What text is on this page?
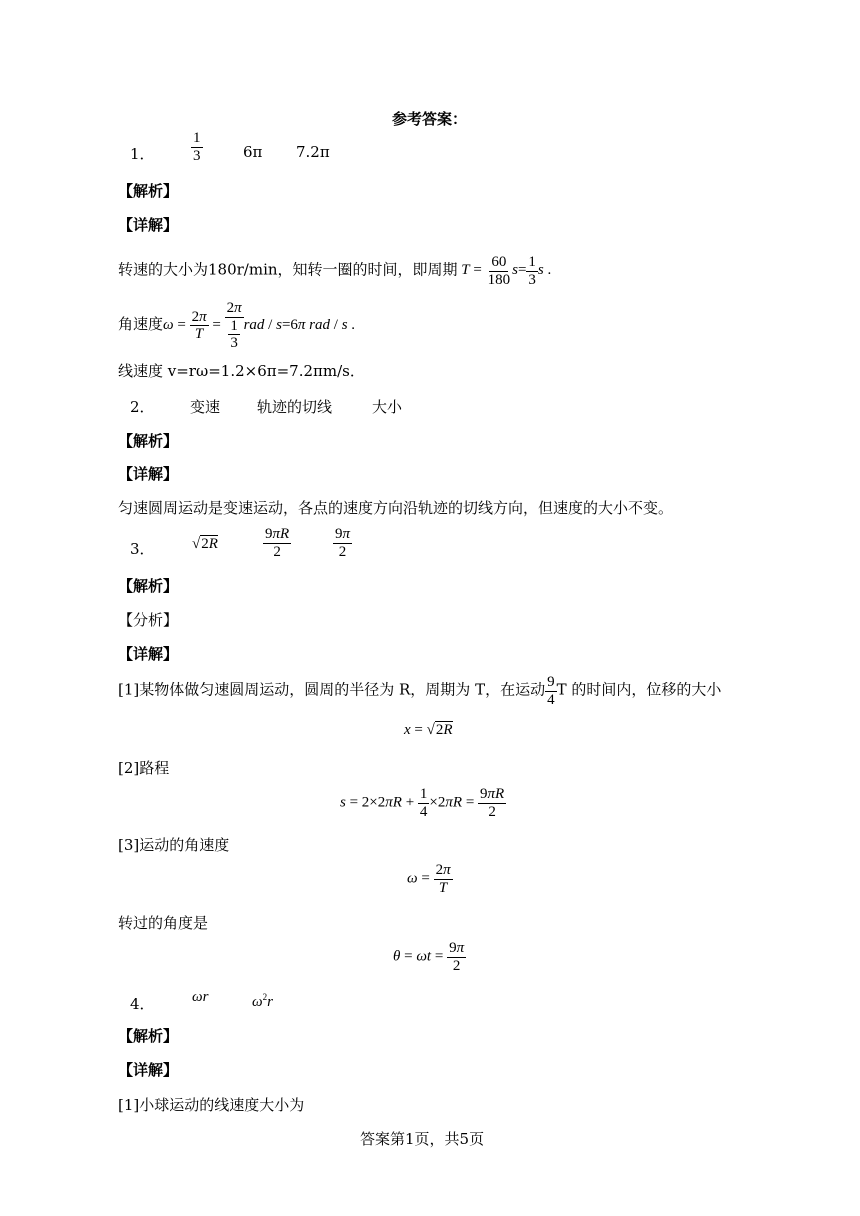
参考答案：
1． $\frac{1}{3}$	6π 7.2π
【解析】
【详解】
转速的大小为180r/min，知转一圈的时间，即周期 $T = \frac{60}{180} s= \frac{1}{3}$ s .
角速度$\omega = \frac{2\pi}{T} = \frac{2\pi}{\frac{1}{3}}$ rad / s=6π rad / s .
线速度 v=rω=1.2×6π=7.2πm/s．
2． 变速 轨迹的切线	大小
【解析】
【详解】
匀速圆周运动是变速运动，各点的速度方向沿轨迹的切线方向，但速度的大小不变。
3． √2R	$\frac{9\pi R}{2}$	$\frac{9\pi}{2}$
【解析】
【分析】
【详解】
[1]某物体做匀速圆周运动，圆周的半径为 R，周期为 T，在运动 $\frac{9}{4}$ T 的时间内，位移的大小
x = √2R
[2]路程
$s = 2\times 2\pi R + \frac{1}{4} \times 2\pi R = \frac{9\pi R}{2}$
[3]运动的角速度
$\omega = \frac{2\pi}{T}$
转过的角度是
$\theta = \omega t = \frac{9\pi}{2}$
4． ωr	$\omega^2r$
【解析】
【详解】
[1]小球运动的线速度大小为
答案第1页，共5页
